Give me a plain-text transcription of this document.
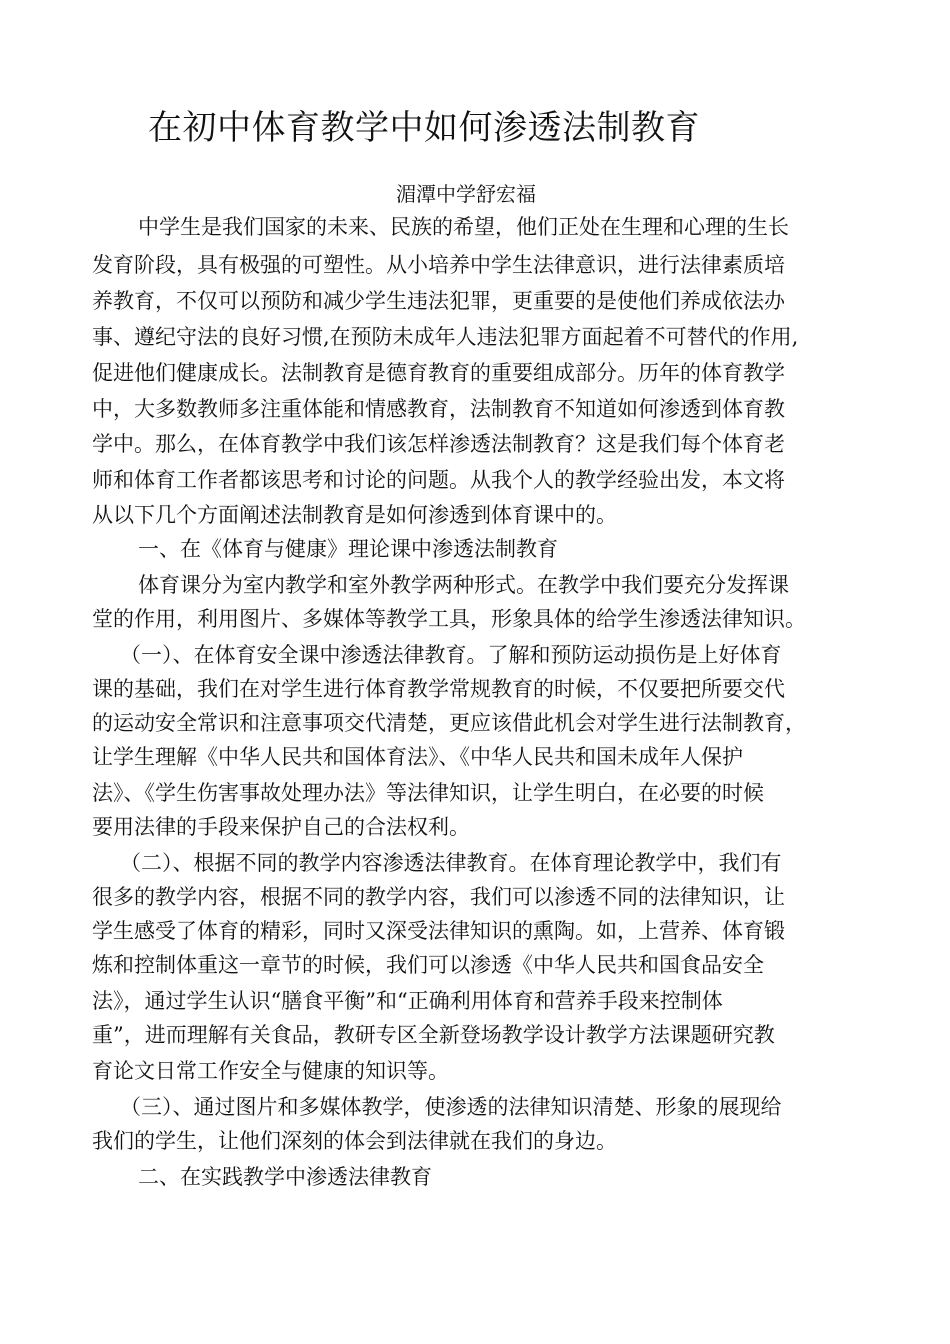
在初中体育教学中如何渗透法制教育
湄潭中学舒宏福
中学生是我们国家的未来、民族的希望，他们正处在生理和心理的生长
发育阶段，具有极强的可塑性。从小培养中学生法律意识，进行法律素质培
养教育，不仅可以预防和减少学生违法犯罪，更重要的是使他们养成依法办
事、遵纪守法的良好习惯,在预防未成年人违法犯罪方面起着不可替代的作用,
促进他们健康成长。法制教育是德育教育的重要组成部分。历年的体育教学
中，大多数教师多注重体能和情感教育，法制教育不知道如何渗透到体育教
学中。那么，在体育教学中我们该怎样渗透法制教育？这是我们每个体育老
师和体育工作者都该思考和讨论的问题。从我个人的教学经验出发，本文将
从以下几个方面阐述法制教育是如何渗透到体育课中的。
一、在《体育与健康》理论课中渗透法制教育
体育课分为室内教学和室外教学两种形式。在教学中我们要充分发挥课
堂的作用，利用图片、多媒体等教学工具，形象具体的给学生渗透法律知识。
（一）、在体育安全课中渗透法律教育。了解和预防运动损伤是上好体育
课的基础，我们在对学生进行体育教学常规教育的时候，不仅要把所要交代
的运动安全常识和注意事项交代清楚，更应该借此机会对学生进行法制教育，
让学生理解《中华人民共和国体育法》、《中华人民共和国未成年人保护
法》、《学生伤害事故处理办法》等法律知识，让学生明白，在必要的时候
要用法律的手段来保护自己的合法权利。
（二）、根据不同的教学内容渗透法律教育。在体育理论教学中，我们有
很多的教学内容，根据不同的教学内容，我们可以渗透不同的法律知识，让
学生感受了体育的精彩，同时又深受法律知识的熏陶。如，上营养、体育锻
炼和控制体重这一章节的时候，我们可以渗透《中华人民共和国食品安全
法》，通过学生认识“膳食平衡”和“正确利用体育和营养手段来控制体
重”，进而理解有关食品，教研专区全新登场教学设计教学方法课题研究教
育论文日常工作安全与健康的知识等。
（三）、通过图片和多媒体教学，使渗透的法律知识清楚、形象的展现给
我们的学生，让他们深刻的体会到法律就在我们的身边。
二、在实践教学中渗透法律教育
